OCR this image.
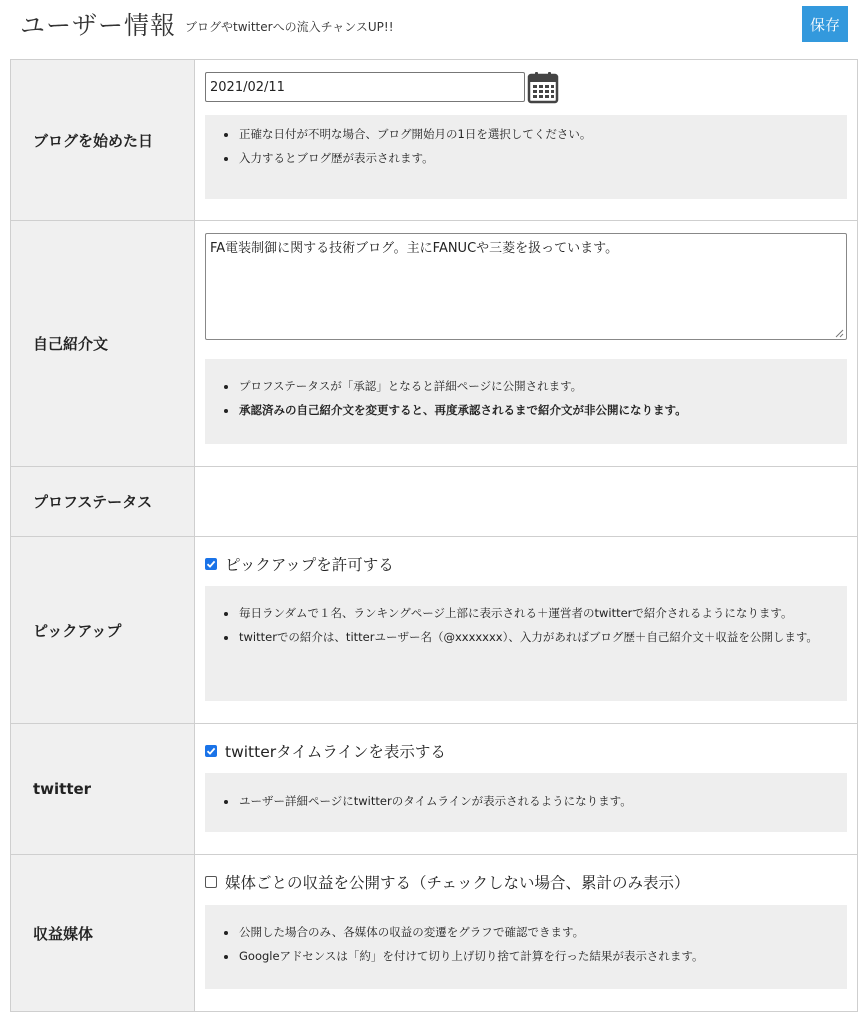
ユーザー情報 ブログやtwitterへの流入チャンスUP!!	保存
ブログを始めた日
2021/02/11	正確な日付が不明な場合、ブログ開始月の1日を選択してください。
入力するとブログ歴が表示されます。
自己紹介文
FA電装制御に関する技術ブログ。主にFANUCや三菱を扱っています。
プロフステータスが「承認」となると詳細ページに公開されます。
承認済みの自己紹介文を変更すると、再度承認されるまで紹介文が非公開になります。
プロフステータス
ピックアップ
ピックアップを許可する
毎日ランダムで１名、ランキングページ上部に表示される＋運営者のtwitterで紹介されるようになります。
twitterでの紹介は、titterユーザー名（@xxxxxxx）、入力があればブログ歴＋自己紹介文＋収益を公開します。
twitter
twitterタイムラインを表示する
ユーザー詳細ページにtwitterのタイムラインが表示されるようになります。
収益媒体
媒体ごとの収益を公開する（チェックしない場合、累計のみ表示）
公開した場合のみ、各媒体の収益の変遷をグラフで確認できます。
Googleアドセンスは「約」を付けて切り上げ切り捨て計算を行った結果が表示されます。
